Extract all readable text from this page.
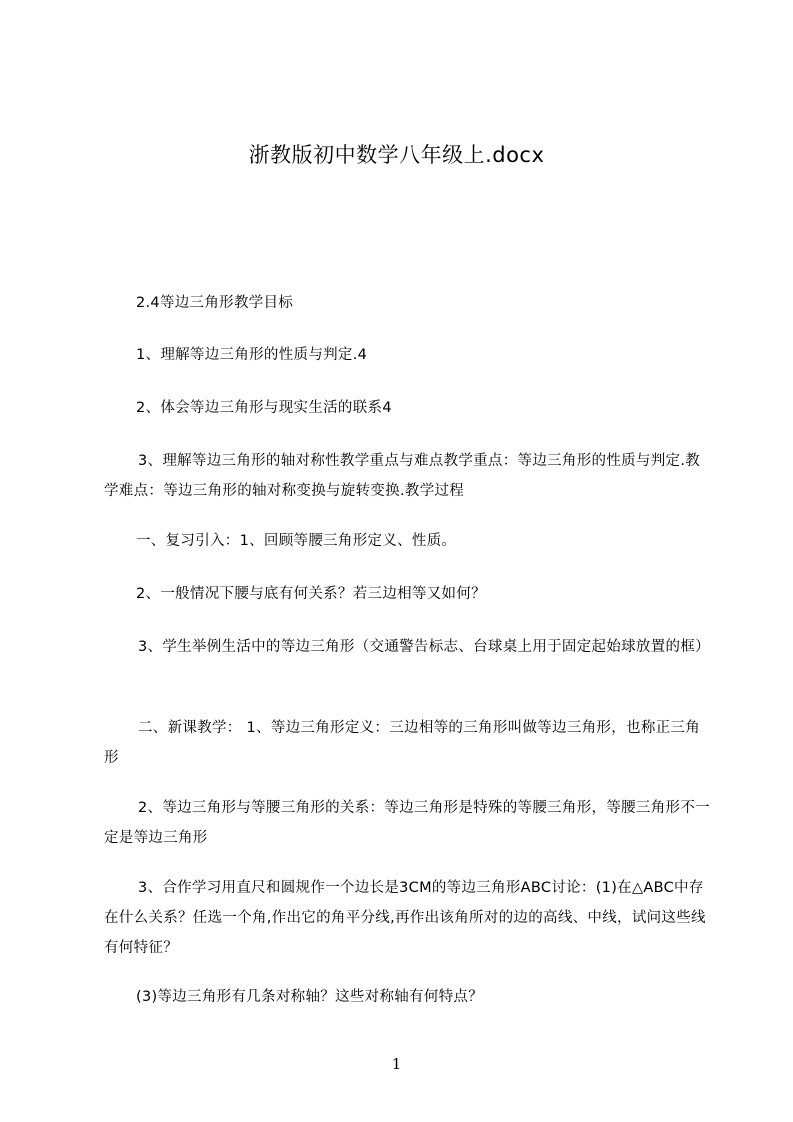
浙教版初中数学八年级上.docx

2.4等边三角形教学目标

1、理解等边三角形的性质与判定.4

2、体会等边三角形与现实生活的联系4

3、理解等边三角形的轴对称性教学重点与难点教学重点：等边三角形的性质与判定.教学难点：等边三角形的轴对称变换与旋转变换.教学过程

一、复习引入：1、回顾等腰三角形定义、性质。

2、一般情况下腰与底有何关系？若三边相等又如何？

3、学生举例生活中的等边三角形（交通警告标志、台球桌上用于固定起始球放置的框）

二、新课教学： 1、等边三角形定义：三边相等的三角形叫做等边三角形，也称正三角形

2、等边三角形与等腰三角形的关系：等边三角形是特殊的等腰三角形，等腰三角形不一定是等边三角形

3、合作学习用直尺和圆规作一个边长是3CM的等边三角形ABC讨论：(1)在△ABC中存在什么关系？任选一个角,作出它的角平分线,再作出该角所对的边的高线、中线，试问这些线有何特征？

(3)等边三角形有几条对称轴？这些对称轴有何特点？

1
